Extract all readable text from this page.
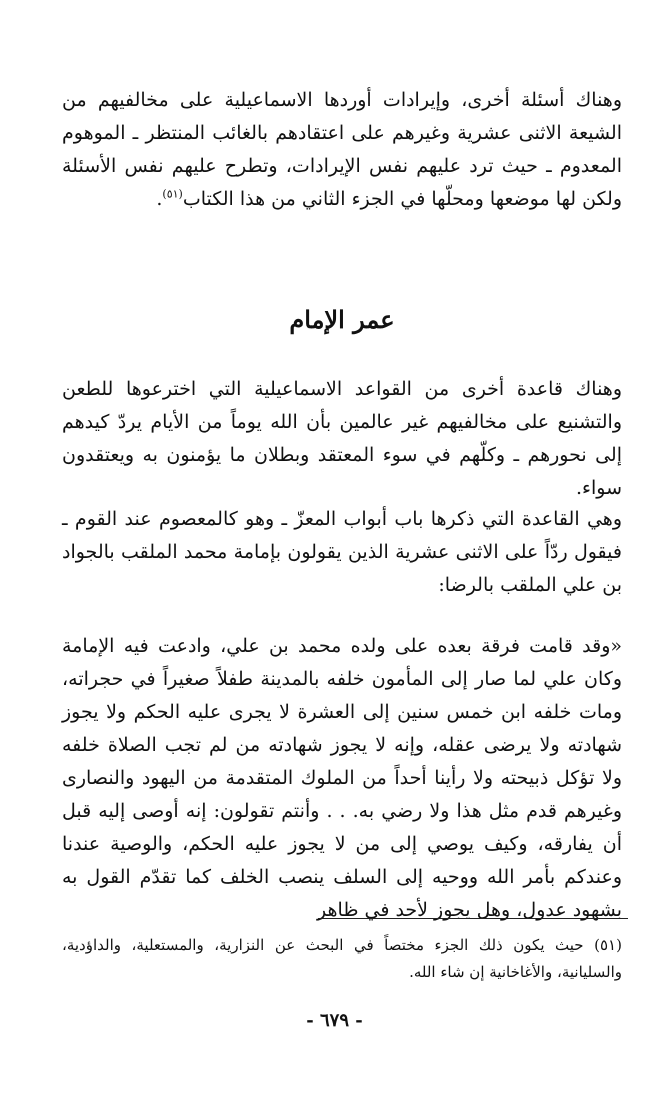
وهناك أسئلة أخرى، وإيرادات أوردها الاسماعيلية على مخالفيهم من الشيعة الاثنى عشرية وغيرهم على اعتقادهم بالغائب المنتظر ـ الموهوم المعدوم ـ حيث ترد عليهم نفس الإيرادات، وتطرح عليهم نفس الأسئلة ولكن لها موضعها ومحلّها في الجزء الثاني من هذا الكتاب$^{(٥١)}$.

عمر الإمام

وهناك قاعدة أخرى من القواعد الاسماعيلية التي اخترعوها للطعن والتشنيع على مخالفيهم غير عالمين بأن الله يوماً من الأيام يردّ كيدهم إلى نحورهم ـ وكلّهم في سوء المعتقد وبطلان ما يؤمنون به ويعتقدون سواء.

وهي القاعدة التي ذكرها باب أبواب المعزّ ـ وهو كالمعصوم عند القوم ـ فيقول ردّاً على الاثنى عشرية الذين يقولون بإمامة محمد الملقب بالجواد بن علي الملقب بالرضا:

«وقد قامت فرقة بعده على ولده محمد بن علي، وادعت فيه الإمامة وكان علي لما صار إلى المأمون خلفه بالمدينة طفلاً صغيراً في حجراته، ومات خلفه ابن خمس سنين إلى العشرة لا يجرى عليه الحكم ولا يجوز شهادته ولا يرضى عقله، وإنه لا يجوز شهادته من لم تجب الصلاة خلفه ولا تؤكل ذبيحته ولا رأينا أحداً من الملوك المتقدمة من اليهود والنصارى وغيرهم قدم مثل هذا ولا رضي به. . . وأنتم تقولون: إنه أوصى إليه قبل أن يفارقه، وكيف يوصي إلى من لا يجوز عليه الحكم، والوصية عندنا وعندكم بأمر الله ووحيه إلى السلف ينصب الخلف كما تقدّم القول به بشهود عدول، وهل يجوز لأحد في ظاهر

(٥١) حيث يكون ذلك الجزء مختصاً في البحث عن النزارية، والمستعلية، والداؤدية، والسليانية، والأغاخانية إن شاء الله.

- ٦٧٩ -
